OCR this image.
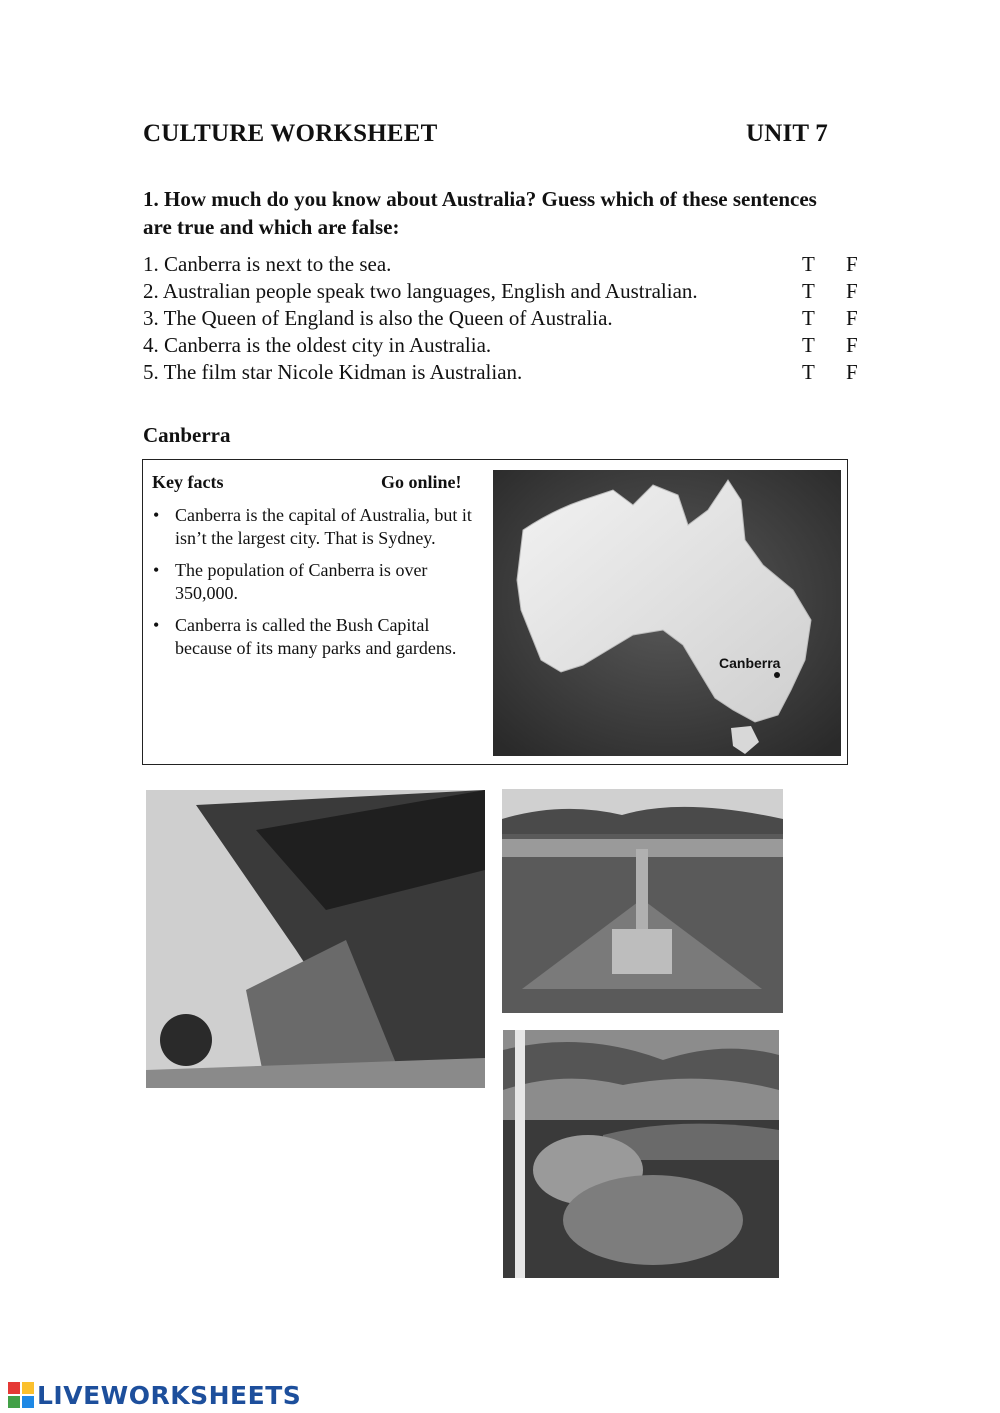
CULTURE WORKSHEET	UNIT 7
1. How much do you know about Australia? Guess which of these sentences are true and which are false:
1. Canberra is next to the sea.	T F
2. Australian people speak two languages, English and Australian.	T F
3. The Queen of England is also the Queen of Australia.	T F
4. Canberra is the oldest city in Australia.	T F
5. The film star Nicole Kidman is Australian.	T F
Canberra
Key facts	Go online!
• Canberra is the capital of Australia, but it isn’t the largest city. That is Sydney.
• The population of Canberra is over 350,000.
• Canberra is called the Bush Capital because of its many parks and gardens.
Canberra
LIVEWORKSHEETS
